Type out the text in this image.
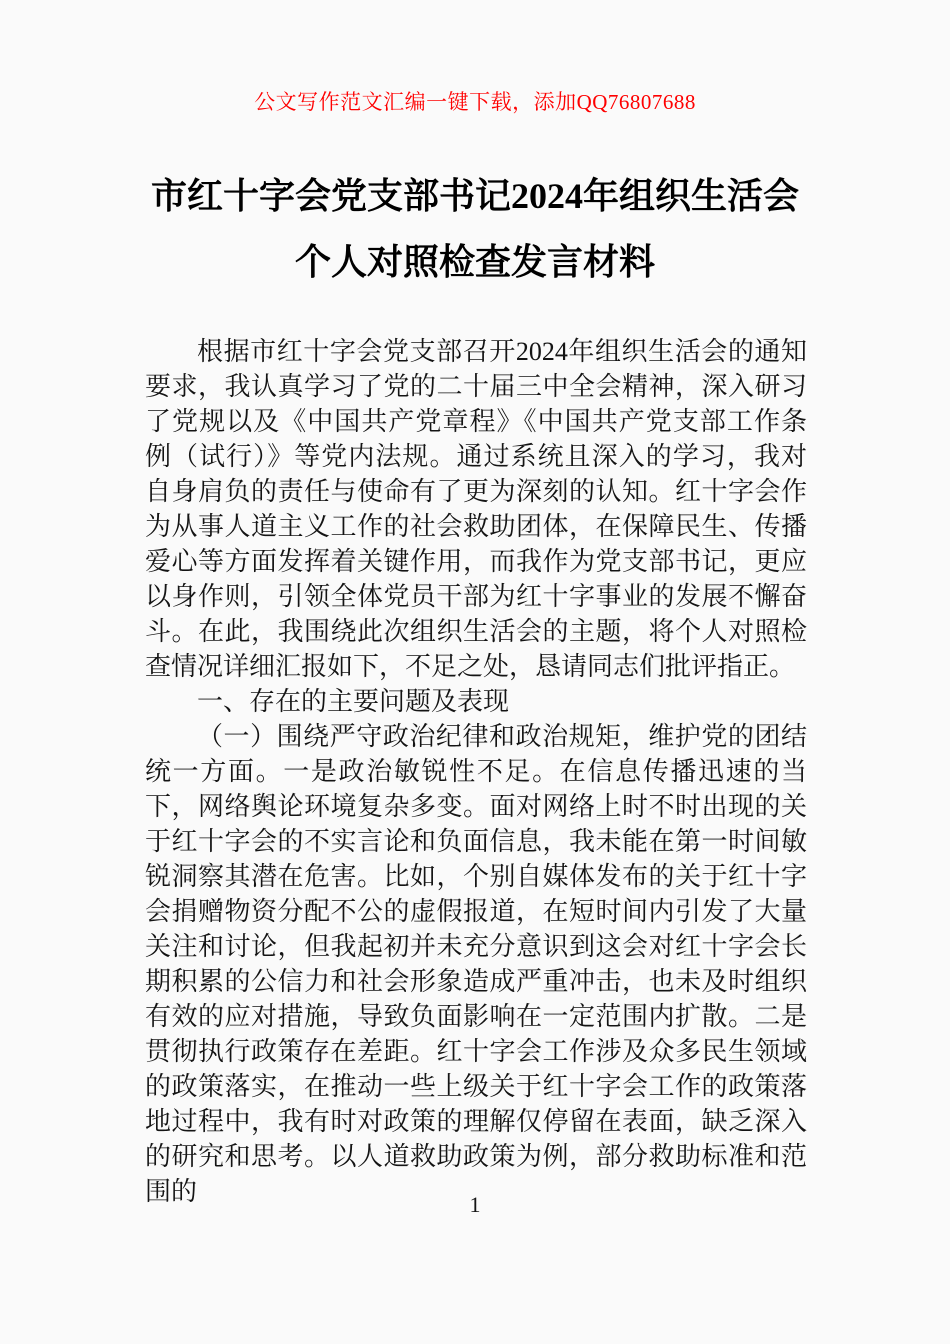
公文写作范文汇编一键下载，添加QQ76807688
市红十字会党支部书记2024年组织生活会
个人对照检查发言材料

根据市红十字会党支部召开2024年组织生活会的通知要求，我认真学习了党的二十届三中全会精神，深入研习了党规以及《中国共产党章程》《中国共产党支部工作条例（试行）》等党内法规。通过系统且深入的学习，我对自身肩负的责任与使命有了更为深刻的认知。红十字会作为从事人道主义工作的社会救助团体，在保障民生、传播爱心等方面发挥着关键作用，而我作为党支部书记，更应以身作则，引领全体党员干部为红十字事业的发展不懈奋斗。在此，我围绕此次组织生活会的主题，将个人对照检查情况详细汇报如下，不足之处，恳请同志们批评指正。

一、存在的主要问题及表现

（一）围绕严守政治纪律和政治规矩，维护党的团结统一方面。一是政治敏锐性不足。在信息传播迅速的当下，网络舆论环境复杂多变。面对网络上时不时出现的关于红十字会的不实言论和负面信息，我未能在第一时间敏锐洞察其潜在危害。比如，个别自媒体发布的关于红十字会捐赠物资分配不公的虚假报道，在短时间内引发了大量关注和讨论，但我起初并未充分意识到这会对红十字会长期积累的公信力和社会形象造成严重冲击，也未及时组织有效的应对措施，导致负面影响在一定范围内扩散。二是贯彻执行政策存在差距。红十字会工作涉及众多民生领域的政策落实，在推动一些上级关于红十字会工作的政策落地过程中，我有时对政策的理解仅停留在表面，缺乏深入的研究和思考。以人道救助政策为例，部分救助标准和范围的	1
